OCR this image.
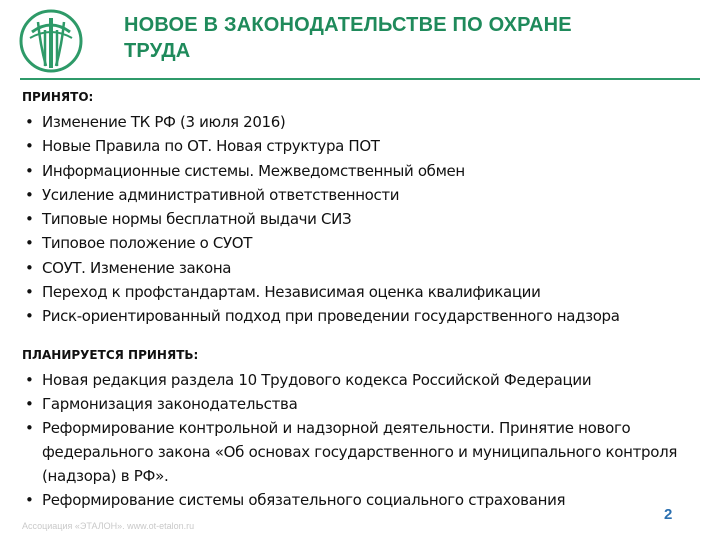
НОВОЕ В ЗАКОНОДАТЕЛЬСТВЕ ПО ОХРАНЕ
ТРУДА
ПРИНЯТО:
• Изменение ТК РФ (3 июля 2016)
• Новые Правила по ОТ. Новая структура ПОТ
• Информационные системы. Межведомственный обмен
• Усиление административной ответственности
• Типовые нормы бесплатной выдачи СИЗ
• Типовое положение о СУОТ
• СОУТ. Изменение закона
• Переход к профстандартам. Независимая оценка квалификации
• Риск-ориентированный подход при проведении государственного надзора
ПЛАНИРУЕТСЯ ПРИНЯТЬ:
• Новая редакция раздела 10 Трудового кодекса Российской Федерации
• Гармонизация законодательства
• Реформирование контрольной и надзорной деятельности. Принятие нового федерального закона «Об основах государственного и муниципального контроля (надзора) в РФ».
• Реформирование системы обязательного социального страхования
Ассоциация «ЭТАЛОН». www.ot-etalon.ru
2
